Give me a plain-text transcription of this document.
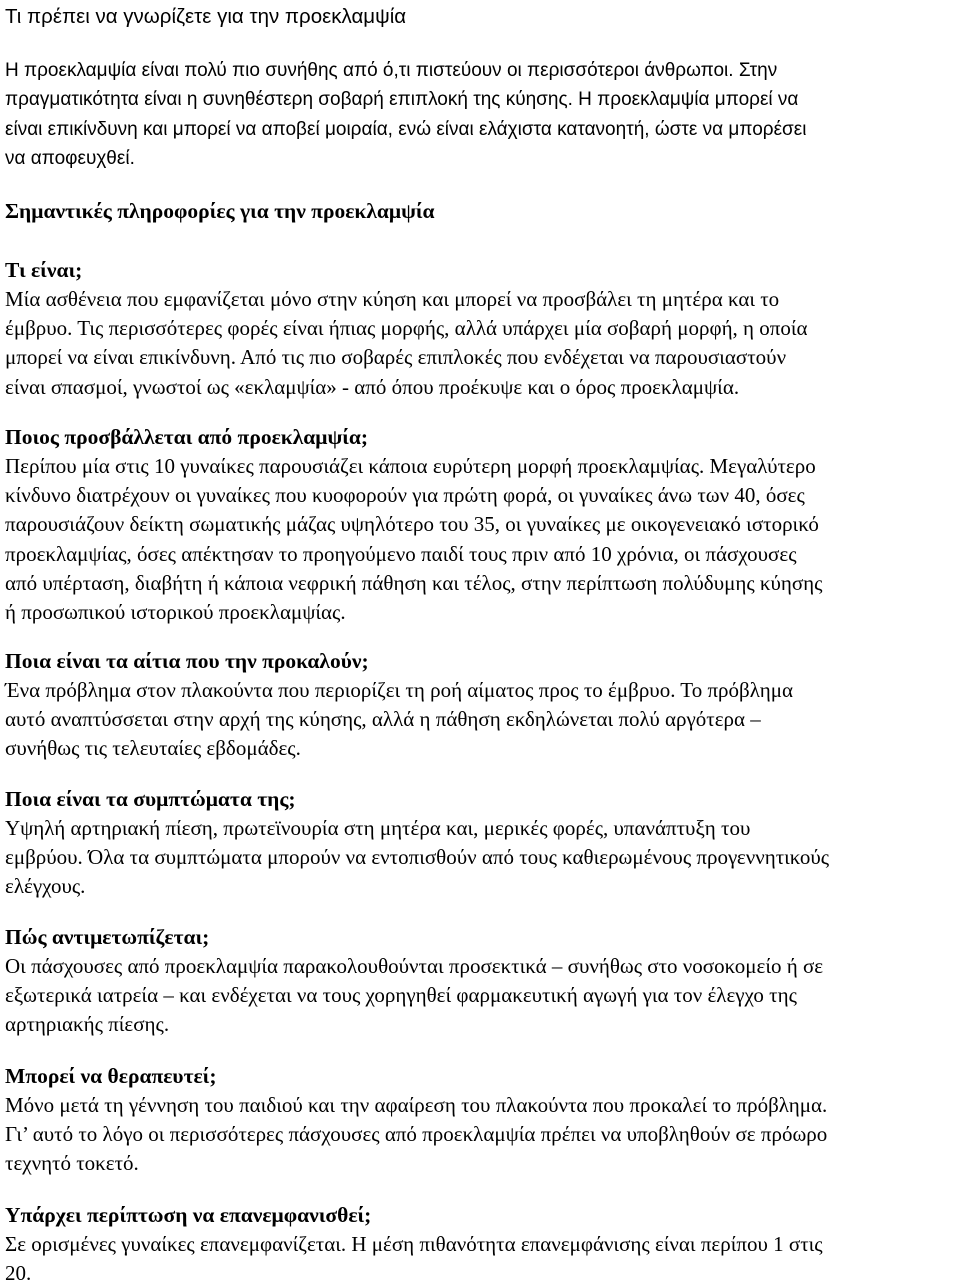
Τι πρέπει να γνωρίζετε για την προεκλαμψία

Η προεκλαμψία είναι πολύ πιο συνήθης από ό,τι πιστεύουν οι περισσότεροι άνθρωποι. Στην
πραγματικότητα είναι η συνηθέστερη σοβαρή επιπλοκή της κύησης. Η προεκλαμψία μπορεί να
είναι επικίνδυνη και μπορεί να αποβεί μοιραία, ενώ είναι ελάχιστα κατανοητή, ώστε να μπορέσει
να αποφευχθεί.

Σημαντικές πληροφορίες για την προεκλαμψία
Τι είναι;
Μία ασθένεια που εμφανίζεται μόνο στην κύηση και μπορεί να προσβάλει τη μητέρα και το
έμβρυο. Τις περισσότερες φορές είναι ήπιας μορφής, αλλά υπάρχει μία σοβαρή μορφή, η οποία
μπορεί να είναι επικίνδυνη. Από τις πιο σοβαρές επιπλοκές που ενδέχεται να παρουσιαστούν
είναι σπασμοί, γνωστοί ως «εκλαμψία» - από όπου προέκυψε και ο όρος προεκλαμψία.
Ποιος προσβάλλεται από προεκλαμψία;
Περίπου μία στις 10 γυναίκες παρουσιάζει κάποια ευρύτερη μορφή προεκλαμψίας. Μεγαλύτερο
κίνδυνο διατρέχουν οι γυναίκες που κυοφορούν για πρώτη φορά, οι γυναίκες άνω των 40, όσες
παρουσιάζουν δείκτη σωματικής μάζας υψηλότερο του 35, οι γυναίκες με οικογενειακό ιστορικό
προεκλαμψίας, όσες απέκτησαν το προηγούμενο παιδί τους πριν από 10 χρόνια, οι πάσχουσες
από υπέρταση, διαβήτη ή κάποια νεφρική πάθηση και τέλος, στην περίπτωση πολύδυμης κύησης
ή προσωπικού ιστορικού προεκλαμψίας.
Ποια είναι τα αίτια που την προκαλούν;
Ένα πρόβλημα στον πλακούντα που περιορίζει τη ροή αίματος προς το έμβρυο. Το πρόβλημα
αυτό αναπτύσσεται στην αρχή της κύησης, αλλά η πάθηση εκδηλώνεται πολύ αργότερα –
συνήθως τις τελευταίες εβδομάδες.
Ποια είναι τα συμπτώματα της;
Υψηλή αρτηριακή πίεση, πρωτεϊνουρία στη μητέρα και, μερικές φορές, υπανάπτυξη του
εμβρύου. Όλα τα συμπτώματα μπορούν να εντοπισθούν από τους καθιερωμένους προγεννητικούς
ελέγχους.
Πώς αντιμετωπίζεται;
Οι πάσχουσες από προεκλαμψία παρακολουθούνται προσεκτικά – συνήθως στο νοσοκομείο ή σε
εξωτερικά ιατρεία – και ενδέχεται να τους χορηγηθεί φαρμακευτική αγωγή για τον έλεγχο της
αρτηριακής πίεσης.
Μπορεί να θεραπευτεί;
Μόνο μετά τη γέννηση του παιδιού και την αφαίρεση του πλακούντα που προκαλεί το πρόβλημα.
Γι’ αυτό το λόγο οι περισσότερες πάσχουσες από προεκλαμψία πρέπει να υποβληθούν σε πρόωρο
τεχνητό τοκετό.
Υπάρχει περίπτωση να επανεμφανισθεί;
Σε ορισμένες γυναίκες επανεμφανίζεται. Η μέση πιθανότητα επανεμφάνισης είναι περίπου 1 στις
20.
